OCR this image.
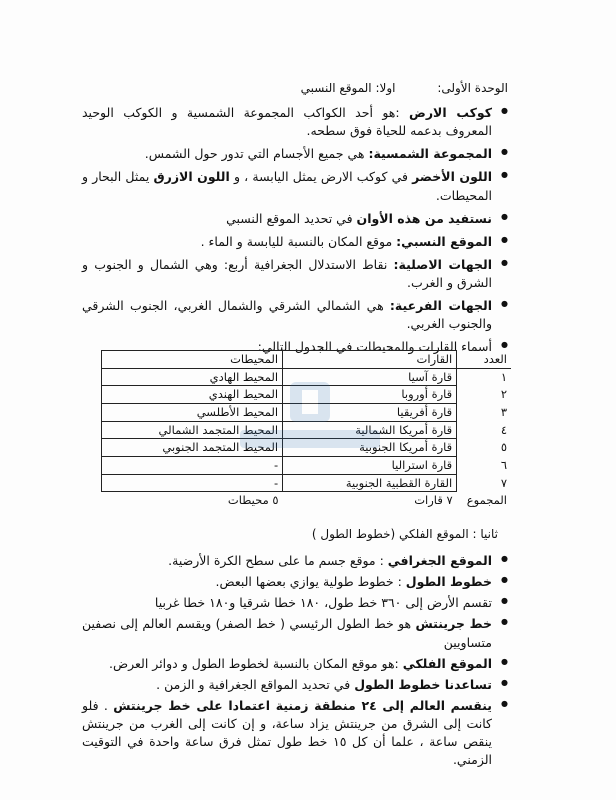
الوحدة الأولى: اولا: الموقع النسبي
● كوكب الارض :هو أحد الكواكب المجموعة الشمسية و الكوكب الوحيد المعروف بدعمه للحياة فوق سطحه.
● المجموعة الشمسية: هي جميع الأجسام التي تدور حول الشمس.
● اللون الأخضر في كوكب الارض يمثل اليابسة ، و اللون الازرق يمثل البحار و المحيطات.
● نستفيد من هذه الأوان في تحديد الموقع النسبي
● الموقع النسبي: موقع المكان بالنسبة لليابسة و الماء .
● الجهات الاصلية: نقاط الاستدلال الجغرافية أربع: وهي الشمال و الجنوب و الشرق و الغرب.
● الجهات الفرعية: هي الشمالي الشرقي والشمال الغربي، الجنوب الشرقي والجنوب الغربي.
● أسماء القارات والمحيطات في الجدول التالي:
العدد	القارات	المحيطات
١	قارة آسيا	المحيط الهادي
٢	قارة أوروبا	المحيط الهندي
٣	قارة أفريقيا	المحيط الأطلسي
٤	قارة أمريكا الشمالية	المحيط المتجمد الشمالي
٥	قارة أمريكا الجنوبية	المحيط المتجمد الجنوبي
٦	قارة استراليا	-
٧	القارة القطبية الجنوبية	-
المجموع	٧ قارات	٥ محيطات
ثانيا : الموقع الفلكي (خطوط الطول )
● الموقع الجغرافي : موقع جسم ما على سطح الكرة الأرضية.
● خطوط الطول : خطوط طولية يوازي بعضها البعض.
● تقسم الأرض إلى ٣٦٠ خط طول، ١٨٠ خطا شرقيا و١٨٠ خطا غربيا
● خط جرينتش هو خط الطول الرئيسي ( خط الصفر) ويقسم العالم إلى نصفين متساويين
● الموقع الفلكي :هو موقع المكان بالنسبة لخطوط الطول و دوائر العرض.
● تساعدنا خطوط الطول في تحديد المواقع الجغرافية و الزمن .
● ينقسم العالم إلى ٢٤ منطقة زمنية اعتمادا على خط جرينتش . فلو كانت إلى الشرق من جرينتش يزاد ساعة، و إن كانت إلى الغرب من جرينتش ينقص ساعة ، علما أن كل ١٥ خط طول تمثل فرق ساعة واحدة في التوقيت الزمني.
